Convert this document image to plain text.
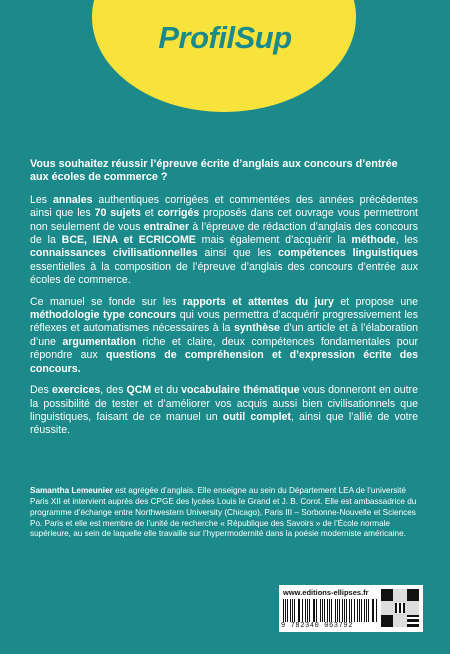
ProfilSup

Vous souhaitez réussir l’épreuve écrite d’anglais aux concours d’entrée aux écoles de commerce ?

Les annales authentiques corrigées et commentées des années précédentes ainsi que les 70 sujets et corrigés proposés dans cet ouvrage vous permettront non seulement de vous entraîner à l’épreuve de rédaction d’anglais des concours de la BCE, IENA et ECRICOME mais également d’acquérir la méthode, les connaissances civilisationnelles ainsi que les compétences linguistiques essentielles à la composition de l’épreuve d’anglais des concours d’entrée aux écoles de commerce.

Ce manuel se fonde sur les rapports et attentes du jury et propose une méthodologie type concours qui vous permettra d’acquérir progressivement les réflexes et automatismes nécessaires à la synthèse d’un article et à l’élaboration d’une argumentation riche et claire, deux compétences fondamentales pour répondre aux questions de compréhension et d’expression écrite des concours.

Des exercices, des QCM et du vocabulaire thématique vous donneront en outre la possibilité de tester et d’améliorer vos acquis aussi bien civilisationnels que linguistiques, faisant de ce manuel un outil complet, ainsi que l’allié de votre réussite.

Samantha Lemeunier est agrégée d’anglais. Elle enseigne au sein du Département LEA de l’université Paris XII et intervient auprès des CPGE des lycées Louis le Grand et J. B. Corot. Elle est ambassadrice du programme d’échange entre Northwestern University (Chicago), Paris III – Sorbonne-Nouvelle et Sciences Po. Paris et elle est membre de l’unité de recherche « République des Savoirs » de l’École normale supérieure, au sein de laquelle elle travaille sur l’hypermodernité dans la poésie moderniste américaine.

www.editions-ellipses.fr
9 782340 063792
